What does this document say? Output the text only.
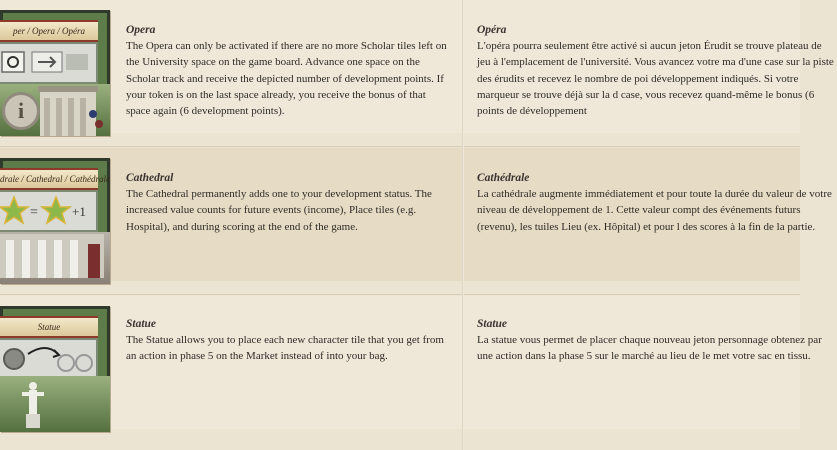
per / Opera / Opéra
i
drale / Cathedral / Cathédrale
=	+1
Statue
Opera
The Opera can only be activated if there are no more Scholar tiles left on the University space on the game board. Advance one space on the Scholar track and receive the depicted number of development points. If your token is on the last space already, you receive the bonus of that space again (6 development points).
Opéra
L'opéra pourra seulement être activé si aucun jeton Érudit se trouve plateau de jeu à l'emplacement de l'université. Vous avancez votre ma d'une case sur la piste des érudits et recevez le nombre de poi développement indiqués. Si votre marqueur se trouve déjà sur la d case, vous recevez quand-même le bonus (6 points de développement
Cathedral
The Cathedral permanently adds one to your development status. The increased value counts for future events (income), Place tiles (e.g. Hospital), and during scoring at the end of the game.
Cathédrale
La cathédrale augmente immédiatement et pour toute la durée du valeur de votre niveau de développement de 1. Cette valeur compt des événements futurs (revenu), les tuiles Lieu (ex. Hôpital) et pour l des scores à la fin de la partie.
Statue
The Statue allows you to place each new character tile that you get from an action in phase 5 on the Market instead of into your bag.
Statue
La statue vous permet de placer chaque nouveau jeton personnage obtenez par une action dans la phase 5 sur le marché au lieu de le met votre sac en tissu.
